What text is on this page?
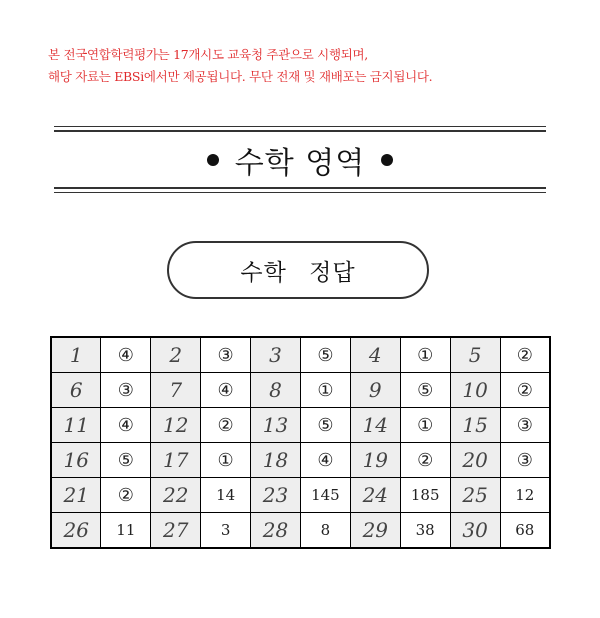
본 전국연합학력평가는 17개시도 교육청 주관으로 시행되며,
해당 자료는 EBSi에서만 제공됩니다. 무단 전재 및 재배포는 금지됩니다.
수학 영역
수학 정답
1	④	2	③	3	⑤	4	①	5	②
6	③	7	④	8	①	9	⑤	10	②
11	④	12	②	13	⑤	14	①	15	③
16	⑤	17	①	18	④	19	②	20	③
21	②	22	14	23	145	24	185	25	12
26	11	27	3	28	8	29	38	30	68
